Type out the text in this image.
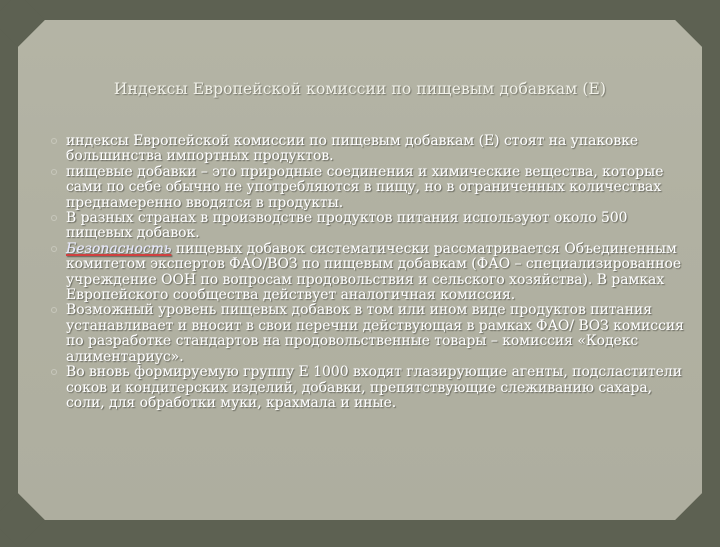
Индексы Европейской комиссии по пищевым добавкам (Е)
индексы Европейской комиссии по пищевым добавкам (Е) стоят на упаковке большинства импортных продуктов.
пищевые добавки – это природные соединения и химические вещества, которые сами по себе обычно не употребляются в пищу, но в ограниченных количествах преднамеренно вводятся в продукты.
В разных странах в производстве продуктов питания используют около 500 пищевых добавок.
Безопасность пищевых добавок систематически рассматривается Объединенным комитетом экспертов ФАО/ВОЗ по пищевым добавкам (ФАО – специализированное учреждение ООН по вопросам продовольствия и сельского хозяйства). В рамках Европейского сообщества действует аналогичная комиссия.
Возможный уровень пищевых добавок в том или ином виде продуктов питания устанавливает и вносит в свои перечни действующая в рамках ФАО/ ВОЗ комиссия по разработке стандартов на продовольственные товары – комиссия «Кодекс алиментариус».
Во вновь формируемую группу Е 1000 входят глазирующие агенты, подсластители соков и кондитерских изделий, добавки, препятствующие слеживанию сахара, соли, для обработки муки, крахмала и иные.
